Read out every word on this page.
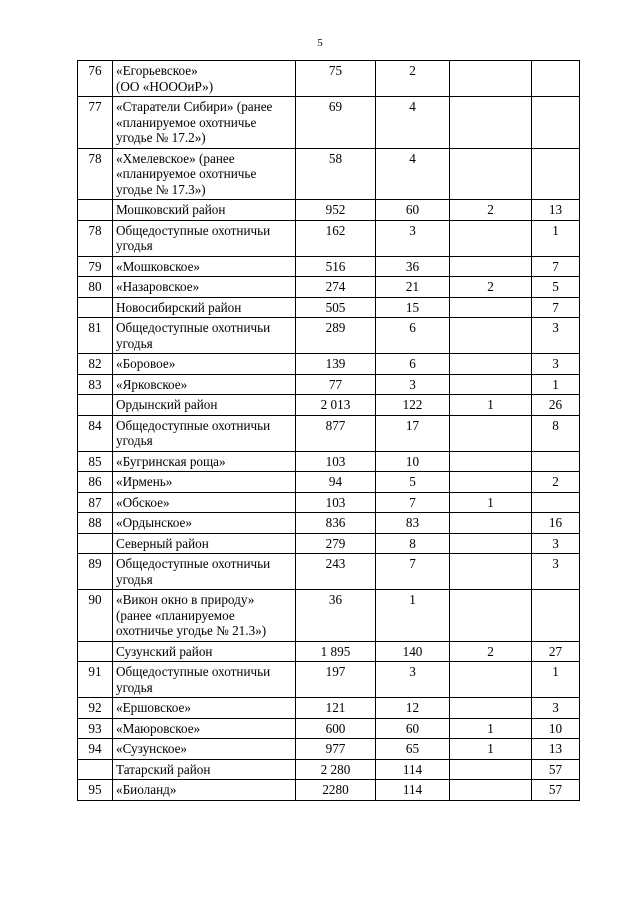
5
76	«Егорьевское»
(ОО «НОООиР»)	75	2		
77	«Старатели Сибири» (ранее
«планируемое охотничье
угодье № 17.2»)	69	4		
78	«Хмелевское» (ранее
«планируемое охотничье
угодье № 17.3»)	58	4		

	Мошковский район	952	60	2	13
78	Общедоступные охотничьи
угодья	162	3		1
79	«Мошковское»	516	36		7
80	«Назаровское»	274	21	2	5

	Новосибирский район	505	15		7
81	Общедоступные охотничьи
угодья	289	6		3
82	«Боровое»	139	6		3
83	«Ярковское»	77	3		1

	Ордынский район	2 013	122	1	26
84	Общедоступные охотничьи
угодья	877	17		8
85	«Бугринская роща»	103	10		
86	«Ирмень»	94	5		2
87	«Обское»	103	7	1	
88	«Ордынское»	836	83		16

	Северный район	279	8		3
89	Общедоступные охотничьи
угодья	243	7		3
90	«Викон окно в природу»
(ранее «планируемое
охотничье угодье № 21.3»)	36	1		

	Сузунский район	1 895	140	2	27
91	Общедоступные охотничьи
угодья	197	3		1
92	«Ершовское»	121	12		3
93	«Маюровское»	600	60	1	10
94	«Сузунское»	977	65	1	13

	Татарский район	2 280	114		57
95	«Биоланд»	2280	114		57
